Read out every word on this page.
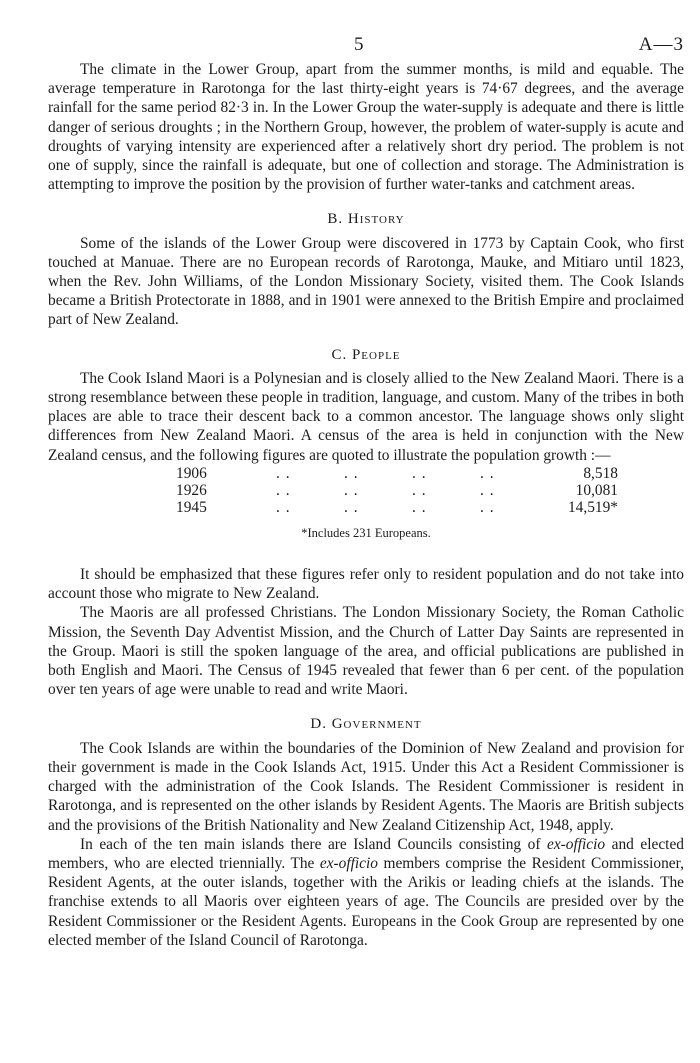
5	A—3

The climate in the Lower Group, apart from the summer months, is mild and equable. The average temperature in Rarotonga for the last thirty-eight years is 74·67 degrees, and the average rainfall for the same period 82·3 in. In the Lower Group the water-supply is adequate and there is little danger of serious droughts ; in the Northern Group, however, the problem of water-supply is acute and droughts of varying intensity are experienced after a relatively short dry period. The problem is not one of supply, since the rainfall is adequate, but one of collection and storage. The Administration is attempting to improve the position by the provision of further water-tanks and catchment areas.

B. History

Some of the islands of the Lower Group were discovered in 1773 by Captain Cook, who first touched at Manuae. There are no European records of Rarotonga, Mauke, and Mitiaro until 1823, when the Rev. John Williams, of the London Missionary Society, visited them. The Cook Islands became a British Protectorate in 1888, and in 1901 were annexed to the British Empire and proclaimed part of New Zealand.

C. People

The Cook Island Maori is a Polynesian and is closely allied to the New Zealand Maori. There is a strong resemblance between these people in tradition, language, and custom. Many of the tribes in both places are able to trace their descent back to a common ancestor. The language shows only slight differences from New Zealand Maori. A census of the area is held in conjunction with the New Zealand census, and the following figures are quoted to illustrate the population growth :—

1906	. .	. .	. .	. .	8,518
1926	. .	. .	. .	. .	10,081
1945	. .	. .	. .	. .	14,519*
*Includes 231 Europeans.

It should be emphasized that these figures refer only to resident population and do not take into account those who migrate to New Zealand.

The Maoris are all professed Christians. The London Missionary Society, the Roman Catholic Mission, the Seventh Day Adventist Mission, and the Church of Latter Day Saints are represented in the Group. Maori is still the spoken language of the area, and official publications are published in both English and Maori. The Census of 1945 revealed that fewer than 6 per cent. of the population over ten years of age were unable to read and write Maori.

D. Government

The Cook Islands are within the boundaries of the Dominion of New Zealand and provision for their government is made in the Cook Islands Act, 1915. Under this Act a Resident Commissioner is charged with the administration of the Cook Islands. The Resident Commissioner is resident in Rarotonga, and is represented on the other islands by Resident Agents. The Maoris are British subjects and the provisions of the British Nationality and New Zealand Citizenship Act, 1948, apply.

In each of the ten main islands there are Island Councils consisting of ex-officio and elected members, who are elected triennially. The ex-officio members comprise the Resident Commissioner, Resident Agents, at the outer islands, together with the Arikis or leading chiefs at the islands. The franchise extends to all Maoris over eighteen years of age. The Councils are presided over by the Resident Commissioner or the Resident Agents. Europeans in the Cook Group are represented by one elected member of the Island Council of Rarotonga.
